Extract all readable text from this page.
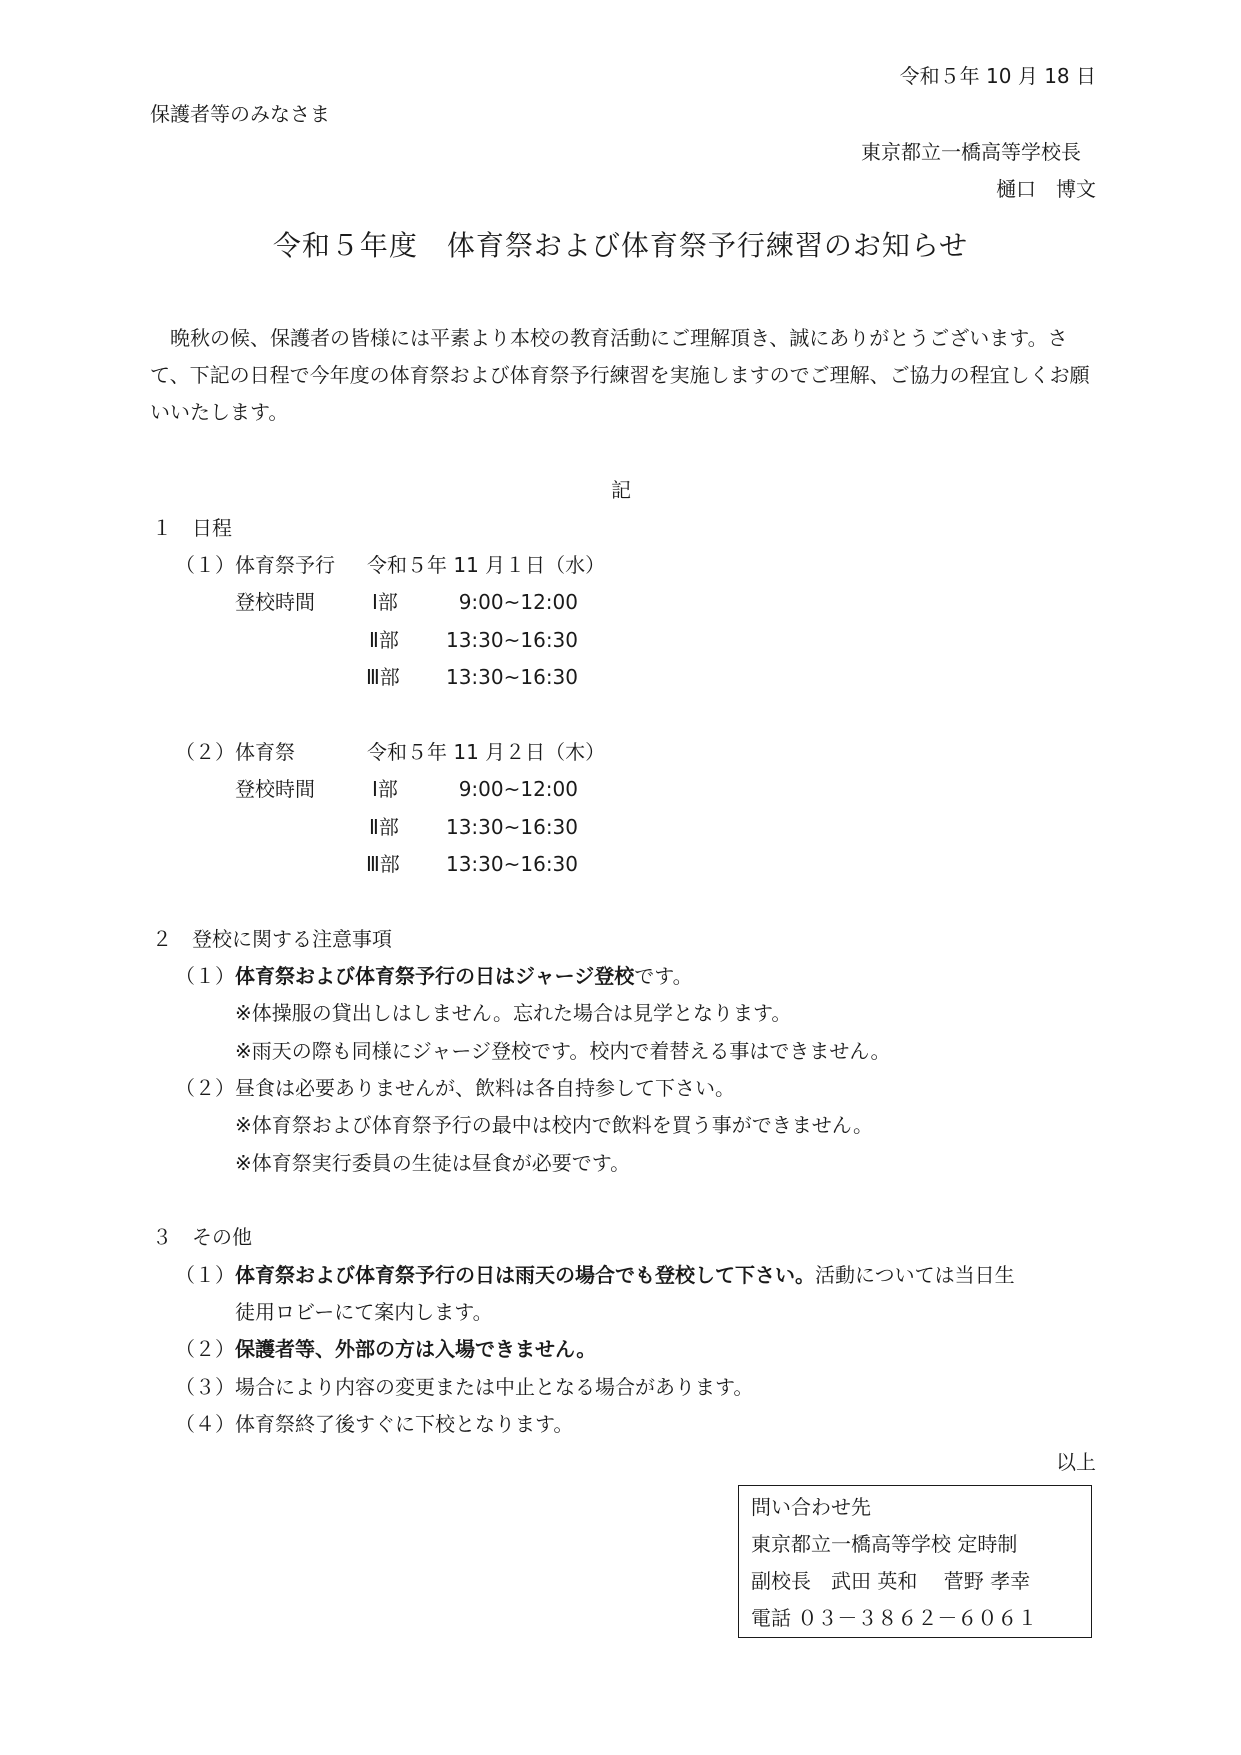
令和５年 10 月 18 日
保護者等のみなさま
東京都立一橋高等学校長
樋口　博文
令和５年度　体育祭および体育祭予行練習のお知らせ
晩秋の候、保護者の皆様には平素より本校の教育活動にご理解頂き、誠にありがとうございます。さて、下記の日程で今年度の体育祭および体育祭予行練習を実施しますのでご理解、ご協力の程宜しくお願いいたします。
記
１　日程
（１） 体育祭予行 令和５年 11 月１日（水）
登校時間	Ⅰ部	9:00~12:00
Ⅱ部 13:30~16:30
Ⅲ部 13:30~16:30
（２） 体育祭	令和５年 11 月２日（木）
登校時間	Ⅰ部	9:00~12:00
Ⅱ部 13:30~16:30
Ⅲ部 13:30~16:30
２　登校に関する注意事項
（１）体育祭および体育祭予行の日はジャージ登校です。
※体操服の貸出しはしません。忘れた場合は見学となります。
※雨天の際も同様にジャージ登校です。校内で着替える事はできません。
（２）昼食は必要ありませんが、飲料は各自持参して下さい。
※体育祭および体育祭予行の最中は校内で飲料を買う事ができません。
※体育祭実行委員の生徒は昼食が必要です。
３　その他
（１）体育祭および体育祭予行の日は雨天の場合でも登校して下さい。活動については当日生
徒用ロビーにて案内します。
（２）保護者等、外部の方は入場できません。
（３）場合により内容の変更または中止となる場合があります。
（４）体育祭終了後すぐに下校となります。
以上
問い合わせ先
東京都立一橋高等学校 定時制
副校長　武田 英和　 菅野 孝幸
電話 ０３－３８６２－６０６１
